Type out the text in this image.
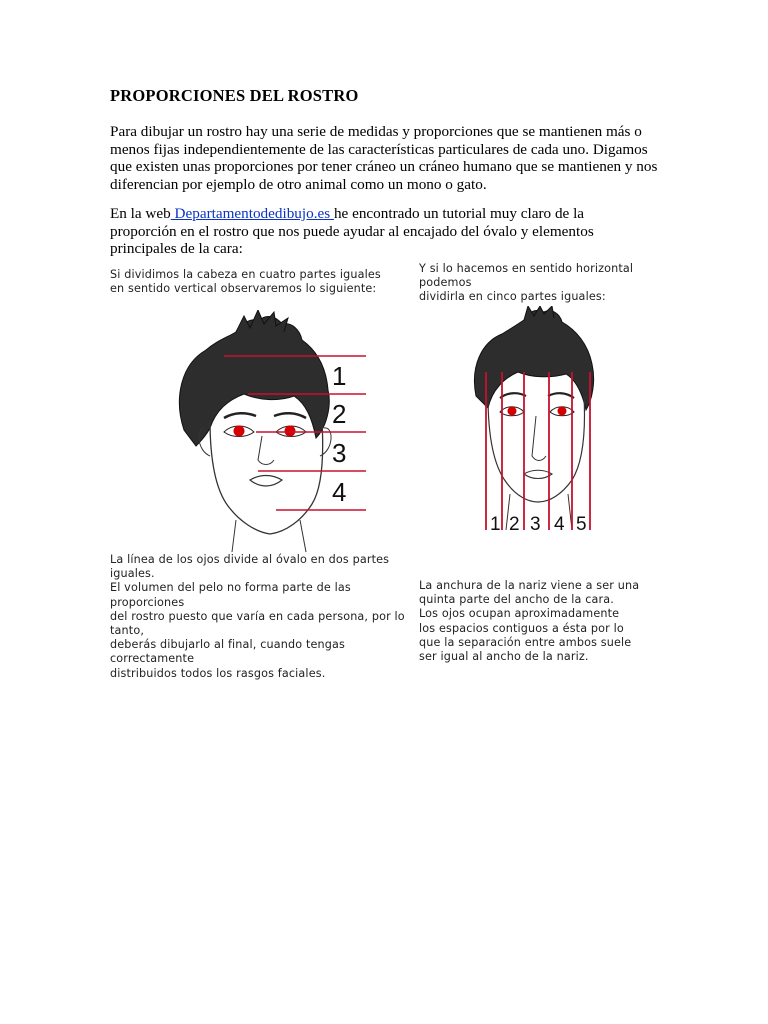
PROPORCIONES DEL ROSTRO
Para dibujar un rostro hay una serie de medidas y proporciones que se mantienen más o menos fijas independientemente de las características particulares de cada uno. Digamos que existen unas proporciones por tener cráneo un cráneo humano que se mantienen y nos diferencian por ejemplo de otro animal como un mono o gato.
En la web Departamentodedibujo.es he encontrado un tutorial muy claro de la proporción en el rostro que nos puede ayudar al encajado del óvalo y elementos principales de la cara:
Si dividimos la cabeza en cuatro partes iguales
en sentido vertical observaremos lo siguiente:
Y si lo hacemos en sentido horizontal
podemos
dividirla en cinco partes iguales:
1
2
3
4
1 2 3 4 5
La línea de los ojos divide al óvalo en dos partes
iguales.
El volumen del pelo no forma parte de las
proporciones
del rostro puesto que varía en cada persona, por lo
tanto,
deberás dibujarlo al final, cuando tengas
correctamente
distribuidos todos los rasgos faciales.
La anchura de la nariz viene a ser una
quinta parte del ancho de la cara.
Los ojos ocupan aproximadamente
los espacios contiguos a ésta por lo
que la separación entre ambos suele
ser igual al ancho de la nariz.
